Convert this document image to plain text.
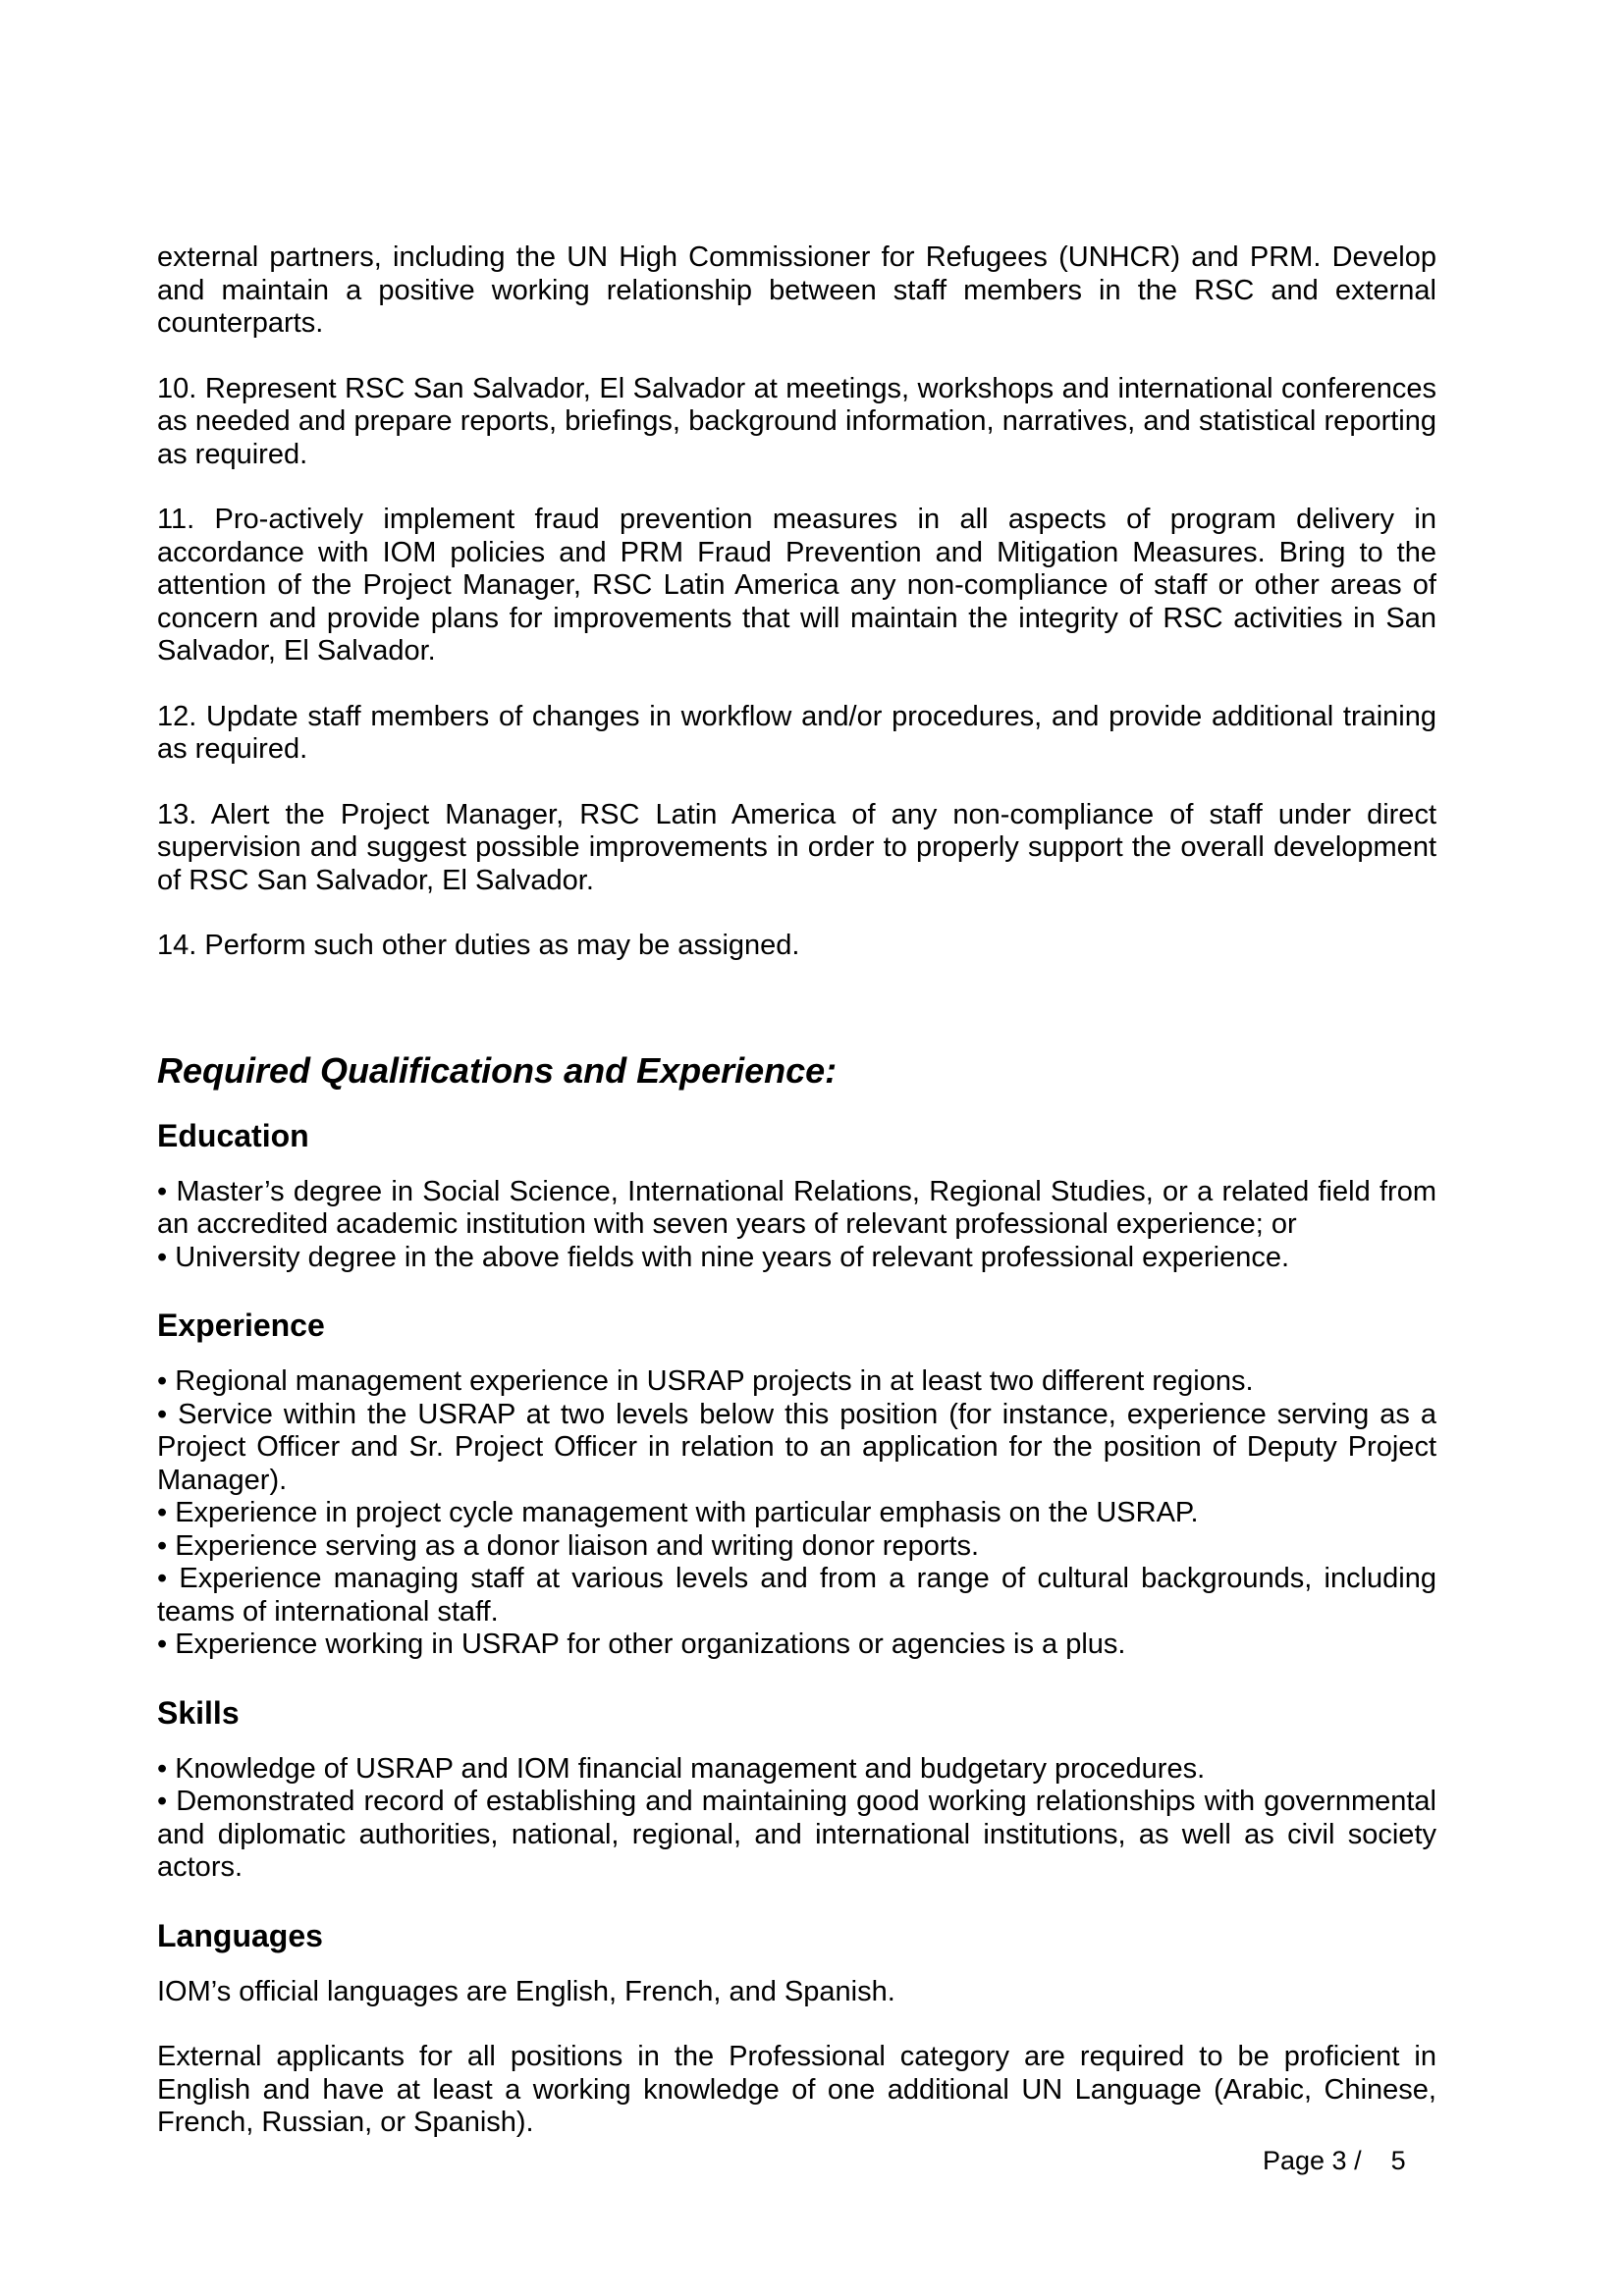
external partners, including the UN High Commissioner for Refugees (UNHCR) and PRM. Develop and maintain a positive working relationship between staff members in the RSC and external counterparts.

10. Represent RSC San Salvador, El Salvador at meetings, workshops and international conferences as needed and prepare reports, briefings, background information, narratives, and statistical reporting as required.

11. Pro-actively implement fraud prevention measures in all aspects of program delivery in accordance with IOM policies and PRM Fraud Prevention and Mitigation Measures. Bring to the attention of the Project Manager, RSC Latin America any non-compliance of staff or other areas of concern and provide plans for improvements that will maintain the integrity of RSC activities in San Salvador, El Salvador.

12. Update staff members of changes in workflow and/or procedures, and provide additional training as required.

13. Alert the Project Manager, RSC Latin America of any non-compliance of staff under direct supervision and suggest possible improvements in order to properly support the overall development of RSC San Salvador, El Salvador.

14. Perform such other duties as may be assigned.

Required Qualifications and Experience:
Education
• Master’s degree in Social Science, International Relations, Regional Studies, or a related field from an accredited academic institution with seven years of relevant professional experience; or
• University degree in the above fields with nine years of relevant professional experience.
Experience
• Regional management experience in USRAP projects in at least two different regions.
• Service within the USRAP at two levels below this position (for instance, experience serving as a Project Officer and Sr. Project Officer in relation to an application for the position of Deputy Project Manager).
• Experience in project cycle management with particular emphasis on the USRAP.
• Experience serving as a donor liaison and writing donor reports.
• Experience managing staff at various levels and from a range of cultural backgrounds, including teams of international staff.
• Experience working in USRAP for other organizations or agencies is a plus.
Skills
• Knowledge of USRAP and IOM financial management and budgetary procedures.
• Demonstrated record of establishing and maintaining good working relationships with governmental and diplomatic authorities, national, regional, and international institutions, as well as civil society actors.
Languages

IOM’s official languages are English, French, and Spanish.

External applicants for all positions in the Professional category are required to be proficient in English and have at least a working knowledge of one additional UN Language (Arabic, Chinese, French, Russian, or Spanish).

Page 3 /    5
